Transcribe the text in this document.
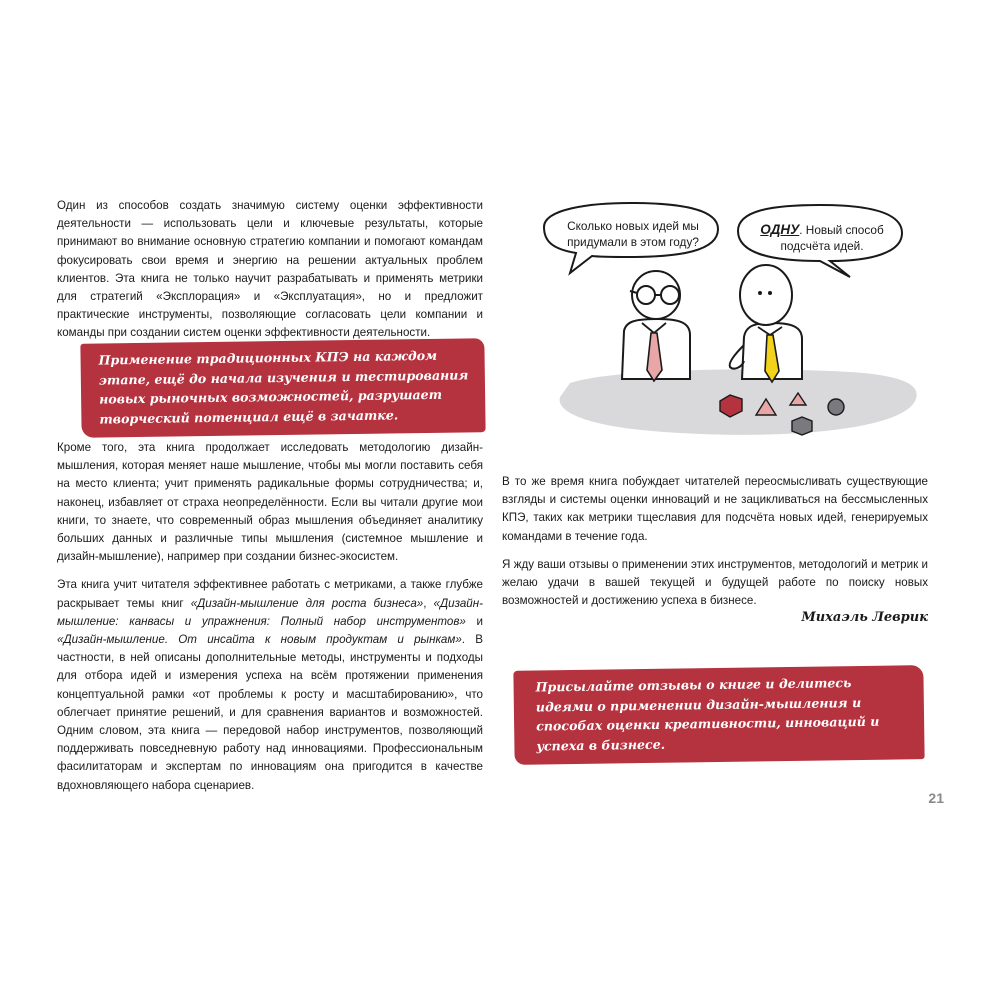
Один из способов создать значимую систему оценки эффективности деятельности — использовать цели и ключевые результаты, которые принимают во внимание основную стратегию компании и помогают командам фокусировать свои время и энергию на решении актуальных проблем клиентов. Эта книга не только научит разрабатывать и применять метрики для стратегий «Эксплорация» и «Эксплуатация», но и предложит практические инструменты, позволяющие согласовать цели компании и команды при создании систем оценки эффективности деятельности.

Применение традиционных КПЭ на каждом этапе, ещё до начала изучения и тестирования новых рыночных возможностей, разрушает творческий потенциал ещё в зачатке.

Кроме того, эта книга продолжает исследовать методологию дизайн-мышления, которая меняет наше мышление, чтобы мы могли поставить себя на место клиента; учит применять радикальные формы сотрудничества; и, наконец, избавляет от страха неопределённости. Если вы читали другие мои книги, то знаете, что современный образ мышления объединяет аналитику больших данных и различные типы мышления (системное мышление и дизайн-мышление), например при создании бизнес-экосистем.

Эта книга учит читателя эффективнее работать с метриками, а также глубже раскрывает темы книг «Дизайн-мышление для роста бизнеса», «Дизайн-мышление: канвасы и упражнения: Полный набор инструментов» и «Дизайн-мышление. От инсайта к новым продуктам и рынкам». В частности, в ней описаны дополнительные методы, инструменты и подходы для отбора идей и измерения успеха на всём протяжении применения концептуальной рамки «от проблемы к росту и масштабированию», что облегчает принятие решений, и для сравнения вариантов и возможностей. Одним словом, эта книга — передовой набор инструментов, позволяющий поддерживать повседневную работу над инновациями. Профессиональным фасилитаторам и экспертам по инновациям она пригодится в качестве вдохновляющего набора сценариев.

Сколько новых идей мы придумали в этом году?
ОДНУ. Новый способ подсчёта идей.

В то же время книга побуждает читателей переосмысливать существующие взгляды и системы оценки инноваций и не зацикливаться на бессмысленных КПЭ, таких как метрики тщеславия для подсчёта новых идей, генерируемых командами в течение года.

Я жду ваши отзывы о применении этих инструментов, методологий и метрик и желаю удачи в вашей текущей и будущей работе по поиску новых возможностей и достижению успеха в бизнесе.

Михаэль Леврик
Присылайте отзывы о книге и делитесь идеями о применении дизайн-мышления и способах оценки креативности, инноваций и успеха в бизнесе.
21
